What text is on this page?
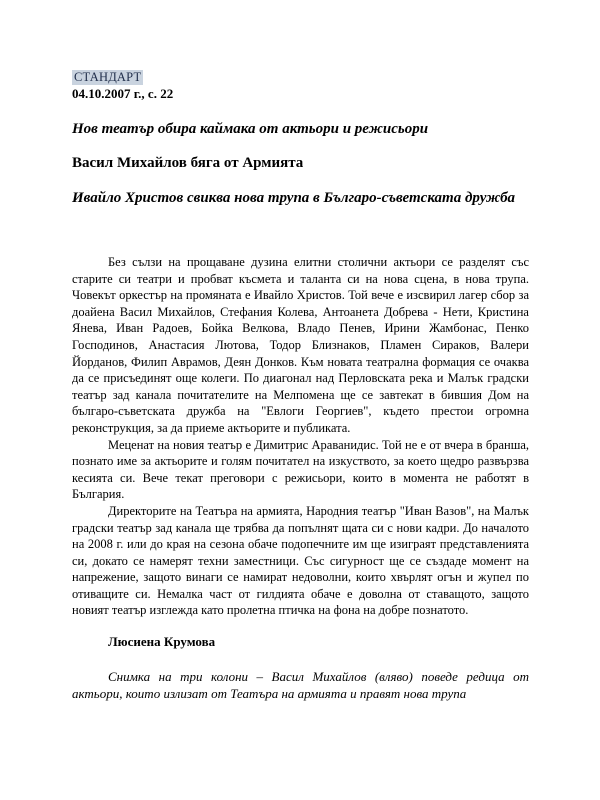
СТАНДАРТ

04.10.2007 г., с. 22

Нов театър обира каймака от актьори и режисьори

Васил Михайлов бяга от Армията

Ивайло Христов свиква нова трупа в Българо-съветската дружба

Без сълзи на прощаване дузина елитни столични актьори се разделят със старите си театри и пробват късмета и таланта си на нова сцена, в нова трупа. Човекът оркестър на промяната е Ивайло Христов. Той вече е изсвирил лагер сбор за доайена Васил Михайлов, Стефания Колева, Антоанета Добрева - Нети, Кристина Янева, Иван Радоев, Бойка Велкова, Владо Пенев, Ирини Жамбонас, Пенко Господинов, Анастасия Лютова, Тодор Близнаков, Пламен Сираков, Валери Йорданов, Филип Аврамов, Деян Донков. Към новата театрална формация се очаква да се присъединят още колеги. По диагонал над Перловската река и Малък градски театър зад канала почитателите на Мелпомена ще се завтекат в бившия Дом на българо-съветската дружба на "Евлоги Георгиев", където престои огромна реконструкция, за да приеме актьорите и публиката.

Меценат на новия театър е Димитрис Араванидис. Той не е от вчера в бранша, познато име за актьорите и голям почитател на изкуството, за което щедро развързва кесията си. Вече текат преговори с режисьори, които в момента не работят в България.

Директорите на Театъра на армията, Народния театър "Иван Вазов", на Малък градски театър зад канала ще трябва да попълнят щата си с нови кадри. До началото на 2008 г. или до края на сезона обаче подопечните им ще изиграят представленията си, докато се намерят техни заместници. Със сигурност ще се създаде момент на напрежение, защото винаги се намират недоволни, които хвърлят огън и жупел по отиващите си. Немалка част от гилдията обаче е доволна от ставащото, защото новият театър изглежда като пролетна птичка на фона на добре познатото.

Люсиена Крумова

Снимка на три колони – Васил Михайлов (вляво) поведе редица от актьори, които излизат от Театъра на армията и правят нова трупа
